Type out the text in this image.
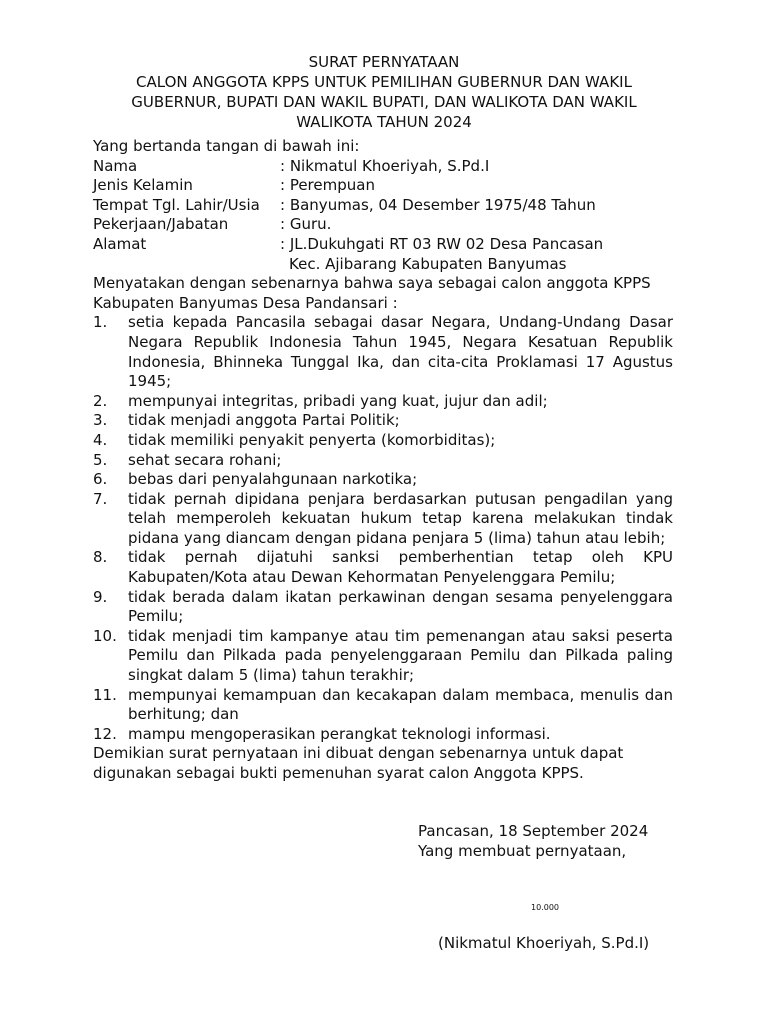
SURAT PERNYATAAN
CALON ANGGOTA KPPS UNTUK PEMILIHAN GUBERNUR DAN WAKIL
GUBERNUR, BUPATI DAN WAKIL BUPATI, DAN WALIKOTA DAN WAKIL
WALIKOTA TAHUN 2024
Yang bertanda tangan di bawah ini:
Nama	: Nikmatul Khoeriyah, S.Pd.I
Jenis Kelamin	: Perempuan
Tempat Tgl. Lahir/Usia	: Banyumas, 04 Desember 1975/48 Tahun
Pekerjaan/Jabatan	: Guru.
Alamat	: JL.Dukuhgati RT 03 RW 02 Desa Pancasan
Kec. Ajibarang Kabupaten Banyumas
Menyatakan dengan sebenarnya bahwa saya sebagai calon anggota KPPS
Kabupaten Banyumas Desa Pandansari :
1.	setia kepada Pancasila sebagai dasar Negara, Undang-Undang Dasar Negara Republik Indonesia Tahun 1945, Negara Kesatuan Republik Indonesia, Bhinneka Tunggal Ika, dan cita-cita Proklamasi 17 Agustus 1945;
2.	mempunyai integritas, pribadi yang kuat, jujur dan adil;
3.	tidak menjadi anggota Partai Politik;
4.	tidak memiliki penyakit penyerta (komorbiditas);
5.	sehat secara rohani;
6.	bebas dari penyalahgunaan narkotika;
7.	tidak pernah dipidana penjara berdasarkan putusan pengadilan yang telah memperoleh kekuatan hukum tetap karena melakukan tindak pidana yang diancam dengan pidana penjara 5 (lima) tahun atau lebih;
8.	tidak pernah dijatuhi sanksi pemberhentian tetap oleh KPU Kabupaten/Kota atau Dewan Kehormatan Penyelenggara Pemilu;
9.	tidak berada dalam ikatan perkawinan dengan sesama penyelenggara Pemilu;
10. tidak menjadi tim kampanye atau tim pemenangan atau saksi peserta Pemilu dan Pilkada pada penyelenggaraan Pemilu dan Pilkada paling singkat dalam 5 (lima) tahun terakhir;
11. mempunyai kemampuan dan kecakapan dalam membaca, menulis dan berhitung; dan
12. mampu mengoperasikan perangkat teknologi informasi.
Demikian surat pernyataan ini dibuat dengan sebenarnya untuk dapat
digunakan sebagai bukti pemenuhan syarat calon Anggota KPPS.
Pancasan, 18 September 2024
Yang membuat pernyataan,
10.000
(Nikmatul Khoeriyah, S.Pd.I)
